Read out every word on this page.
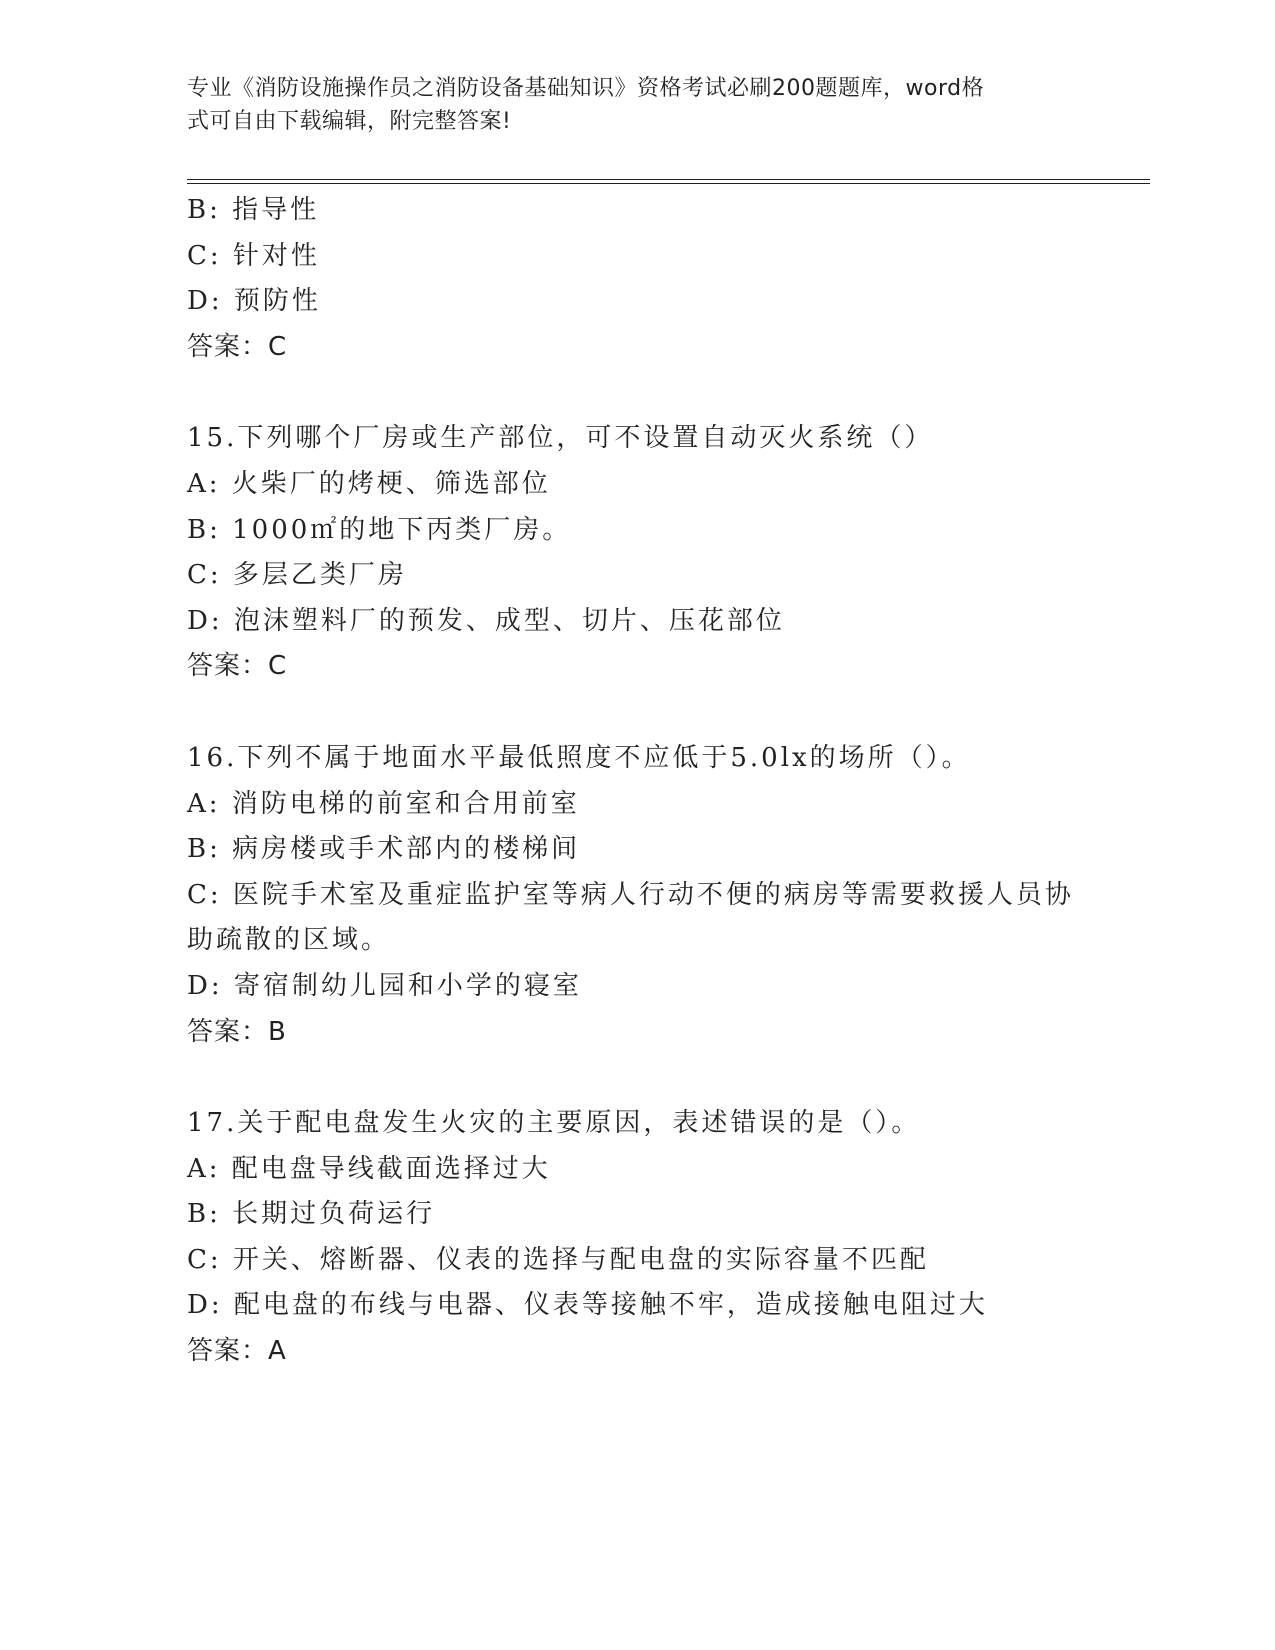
专业《消防设施操作员之消防设备基础知识》资格考试必刷200题题库，word格
式可自由下载编辑，附完整答案!
B: 指导性
C: 针对性
D: 预防性
答案：C
15.下列哪个厂房或生产部位，可不设置自动灭火系统（）
A: 火柴厂的烤梗、筛选部位
B: 1000㎡的地下丙类厂房。
C: 多层乙类厂房
D: 泡沫塑料厂的预发、成型、切片、压花部位
答案：C
16.下列不属于地面水平最低照度不应低于5.0lx的场所（）。
A: 消防电梯的前室和合用前室
B: 病房楼或手术部内的楼梯间
C: 医院手术室及重症监护室等病人行动不便的病房等需要救援人员协
助疏散的区域。
D: 寄宿制幼儿园和小学的寝室
答案：B
17.关于配电盘发生火灾的主要原因，表述错误的是（）。
A: 配电盘导线截面选择过大
B: 长期过负荷运行
C: 开关、熔断器、仪表的选择与配电盘的实际容量不匹配
D: 配电盘的布线与电器、仪表等接触不牢，造成接触电阻过大
答案：A
